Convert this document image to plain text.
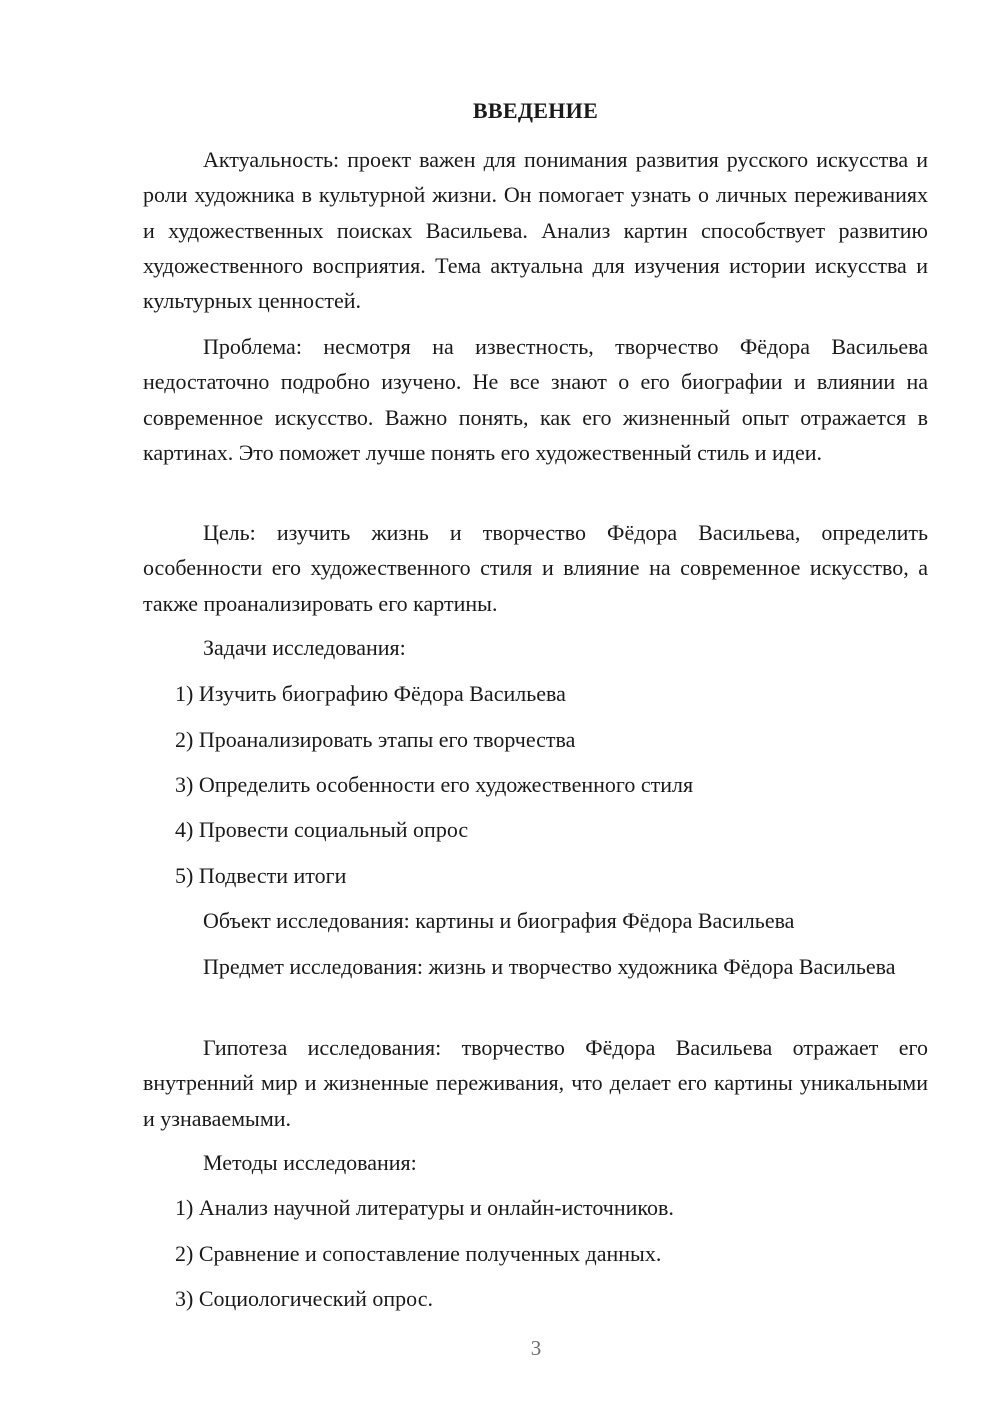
ВВЕДЕНИЕ

Актуальность: проект важен для понимания развития русского искусства и роли художника в культурной жизни. Он помогает узнать о личных переживаниях и художественных поисках Васильева. Анализ картин способствует развитию художественного восприятия. Тема актуальна для изучения истории искусства и культурных ценностей.

Проблема: несмотря на известность, творчество Фёдора Васильева недостаточно подробно изучено. Не все знают о его биографии и влиянии на современное искусство. Важно понять, как его жизненный опыт отражается в картинах. Это поможет лучше понять его художественный стиль и идеи.

Цель: изучить жизнь и творчество Фёдора Васильева, определить особенности его художественного стиля и влияние на современное искусство, а также проанализировать его картины.

Задачи исследования:

1) Изучить биографию Фёдора Васильева

2) Проанализировать этапы его творчества

3) Определить особенности его художественного стиля

4) Провести социальный опрос

5) Подвести итоги

Объект исследования: картины и биография Фёдора Васильева

Предмет исследования: жизнь и творчество художника Фёдора Васильева

Гипотеза исследования: творчество Фёдора Васильева отражает его внутренний мир и жизненные переживания, что делает его картины уникальными и узнаваемыми.

Методы исследования:

1) Анализ научной литературы и онлайн-источников.

2) Сравнение и сопоставление полученных данных.

3) Социологический опрос.

3
